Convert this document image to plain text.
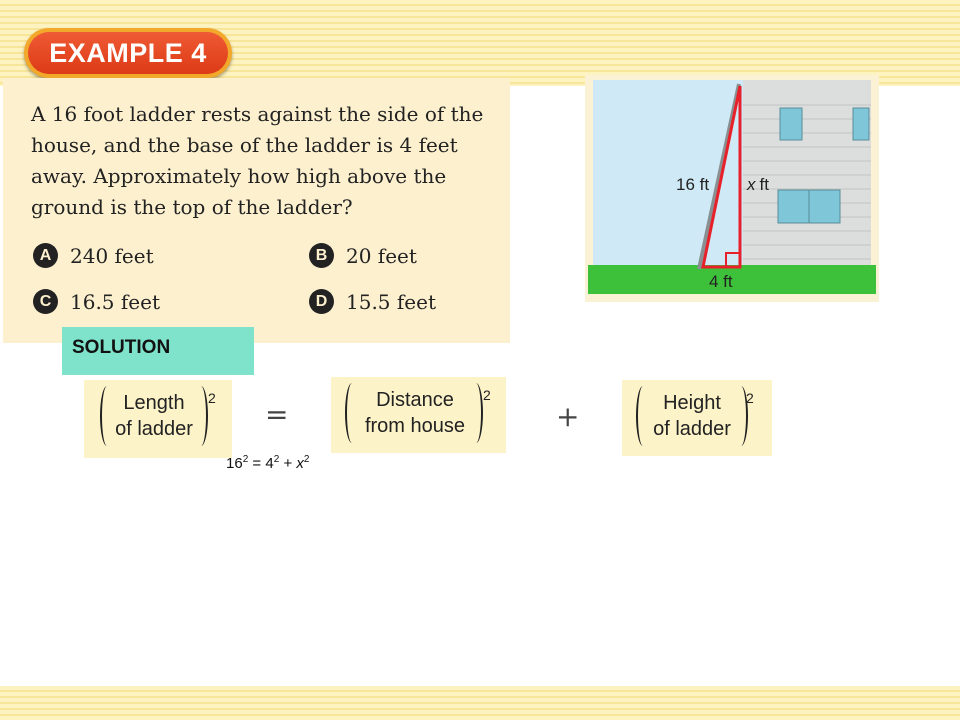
EXAMPLE 4

A 16 foot ladder rests against the side of the house, and the base of the ladder is 4 feet away. Approximately how high above the ground is the top of the ladder?

A 240 feet	B 20 feet
C 16.5 feet	D 15.5 feet
16 ft x ft
4 ft
SOLUTION
Length
of ladder
2 =	Distance
from house
2
+	Height
of ladder
2
$16^2 = 4^2 + x^2$
